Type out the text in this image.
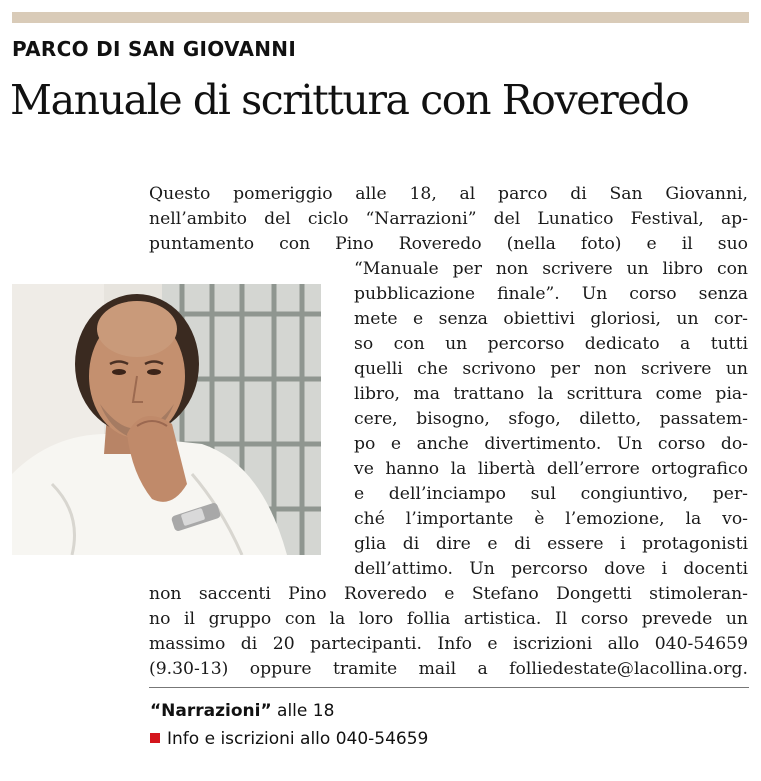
PARCO DI SAN GIOVANNI
Manuale di scrittura con Roveredo
Questo pomeriggio alle 18, al parco di San Giovanni,
nell’ambito del ciclo “Narrazioni” del Lunatico Festival, ap-
puntamento con Pino Roveredo (nella foto) e il suo
“Manuale per non scrivere un libro con
pubblicazione finale”. Un corso senza
mete e senza obiettivi gloriosi, un cor-
so con un percorso dedicato a tutti
quelli che scrivono per non scrivere un
libro, ma trattano la scrittura come pia-
cere, bisogno, sfogo, diletto, passatem-
po e anche divertimento. Un corso do-
ve hanno la libertà dell’errore ortografico
e dell’inciampo sul congiuntivo, per-
ché l’importante è l’emozione, la vo-
glia di dire e di essere i protagonisti
dell’attimo. Un percorso dove i docenti
non saccenti Pino Roveredo e Stefano Dongetti stimoleran-
no il gruppo con la loro follia artistica. Il corso prevede un
massimo di 20 partecipanti. Info e iscrizioni allo 040-54659
(9.30-13) oppure tramite mail a folliedestate@lacollina.org.
“Narrazioni” alle 18
Info e iscrizioni allo 040-54659
